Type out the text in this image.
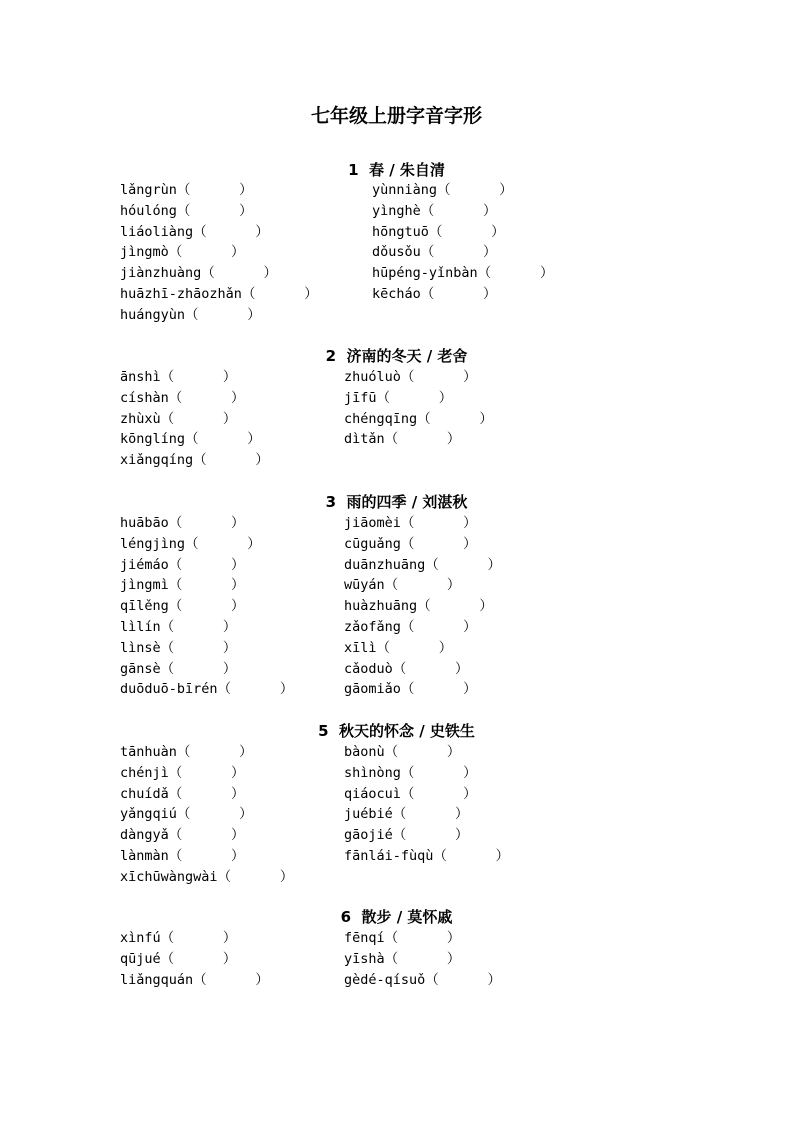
七年级上册字音字形
1  春 / 朱自清
lǎngrùn（      ）	yùnniàng（      ）
hóulóng（      ）	yìnghè（      ）
liáoliàng（      ）	hōngtuō（      ）
jìngmò（      ）	dǒusǒu（      ）
jiànzhuàng（      ）	hūpéng-yǐnbàn（      ）
huāzhī-zhāozhǎn（      ）	kēcháo（      ）
huángyùn（      ）
2  济南的冬天 / 老舍
ānshì（      ）	zhuóluò（      ）
císhàn（      ）	jīfū（      ）
zhùxù（      ）	chéngqīng（      ）
kōnglíng（      ）	dìtǎn（      ）
xiǎngqíng（      ）
3  雨的四季 / 刘湛秋
huābāo（      ）	jiāomèi（      ）
léngjìng（      ）	cūguǎng（      ）
jiémáo（      ）	duānzhuāng（      ）
jìngmì（      ）	wūyán（      ）
qīlěng（      ）	huàzhuāng（      ）
lìlín（      ）	zǎofǎng（      ）
lìnsè（      ）	xīlì（      ）
gānsè（      ）	cǎoduò（      ）
duōduō-bīrén（      ）	gāomiǎo（      ）
5  秋天的怀念 / 史铁生
tānhuàn（      ）	bàonù（      ）
chénjì（      ）	shìnòng（      ）
chuídǎ（      ）	qiáocuì（      ）
yǎngqiú（      ）	juébié（      ）
dàngyǎ（      ）	gāojié（      ）
lànmàn（      ）	fānlái-fùqù（      ）
xīchūwàngwài（      ）
6  散步 / 莫怀戚
xìnfú（      ）	fēnqí（      ）
qūjué（      ）	yīshà（      ）
liǎngquán（      ）	gèdé-qísuǒ（      ）
